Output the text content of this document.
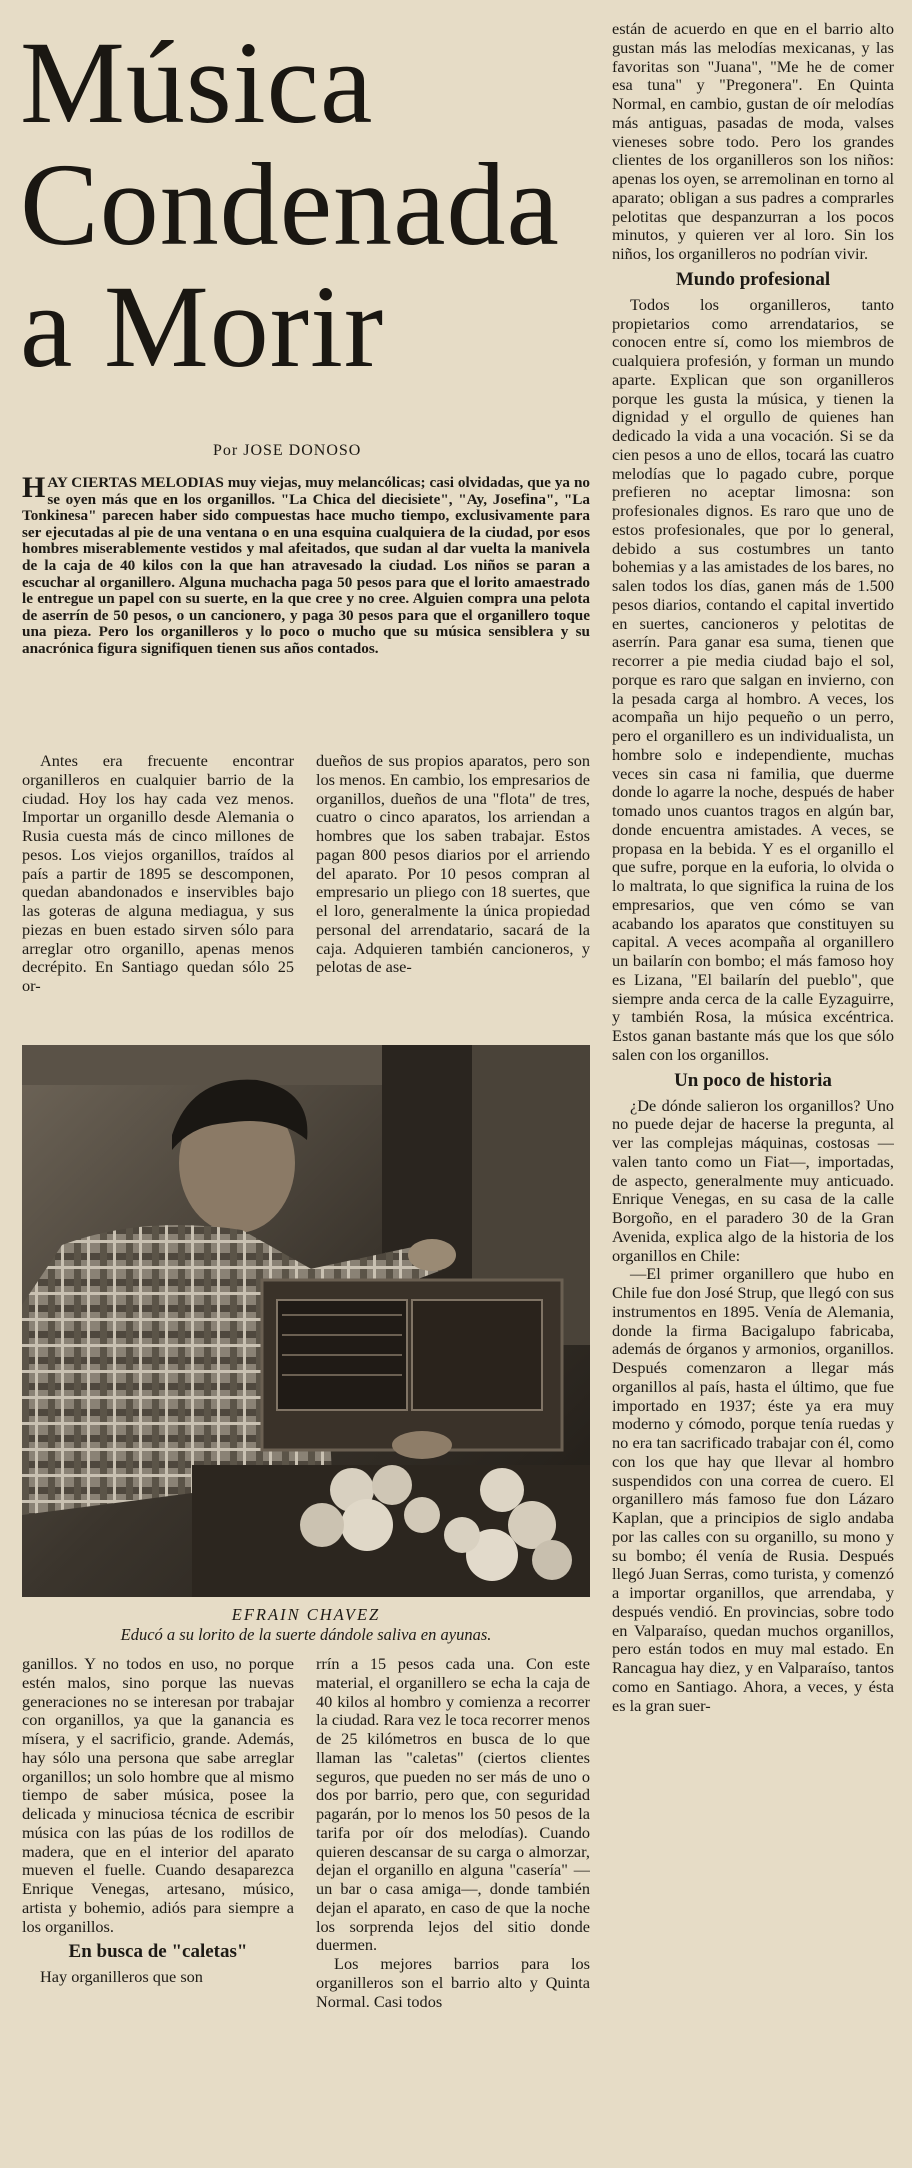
Música
Condenada
a Morir
Por JOSE DONOSO

HAY CIERTAS MELODIAS muy viejas, muy melancólicas; casi olvidadas, que ya no se oyen más que en los organillos. "La Chica del diecisiete", "Ay, Josefina", "La Tonkinesa" parecen haber sido compuestas hace mucho tiempo, exclusivamente para ser ejecutadas al pie de una ventana o en una esquina cualquiera de la ciudad, por esos hombres miserablemente vestidos y mal afeitados, que sudan al dar vuelta la manivela de la caja de 40 kilos con la que han atravesado la ciudad. Los niños se paran a escuchar al organillero. Alguna muchacha paga 50 pesos para que el lorito amaestrado le entregue un papel con su suerte, en la que cree y no cree. Alguien compra una pelota de aserrín de 50 pesos, o un cancionero, y paga 30 pesos para que el organillero toque una pieza. Pero los organilleros y lo poco o mucho que su música sensiblera y su anacrónica figura signifiquen tienen sus años contados.

Antes era frecuente encontrar organilleros en cualquier barrio de la ciudad. Hoy los hay cada vez menos. Importar un organillo desde Alemania o Rusia cuesta más de cinco millones de pesos. Los viejos organillos, traídos al país a partir de 1895 se descomponen, quedan abandonados e inservibles bajo las goteras de alguna mediagua, y sus piezas en buen estado sirven sólo para arreglar otro organillo, apenas menos decrépito. En Santiago quedan sólo 25 or-

dueños de sus propios aparatos, pero son los menos. En cambio, los empresarios de organillos, dueños de una "flota" de tres, cuatro o cinco aparatos, los arriendan a hombres que los saben trabajar. Estos pagan 800 pesos diarios por el arriendo del aparato. Por 10 pesos compran al empresario un pliego con 18 suertes, que el loro, generalmente la única propiedad personal del arrendatario, sacará de la caja. Adquieren también cancioneros, y pelotas de ase-

EFRAIN CHAVEZ
Educó a su lorito de la suerte dándole saliva en ayunas.

ganillos. Y no todos en uso, no porque estén malos, sino porque las nuevas generaciones no se interesan por trabajar con organillos, ya que la ganancia es mísera, y el sacrificio, grande. Además, hay sólo una persona que sabe arreglar organillos; un solo hombre que al mismo tiempo de saber música, posee la delicada y minuciosa técnica de escribir música con las púas de los rodillos de madera, que en el interior del aparato mueven el fuelle. Cuando desaparezca Enrique Venegas, artesano, músico, artista y bohemio, adiós para siempre a los organillos.

En busca de "caletas"

Hay organilleros que son

rrín a 15 pesos cada una. Con este material, el organillero se echa la caja de 40 kilos al hombro y comienza a recorrer la ciudad. Rara vez le toca recorrer menos de 25 kilómetros en busca de lo que llaman las "caletas" (ciertos clientes seguros, que pueden no ser más de uno o dos por barrio, pero que, con seguridad pagarán, por lo menos los 50 pesos de la tarifa por oír dos melodías). Cuando quieren descansar de su carga o almorzar, dejan el organillo en alguna "casería" —un bar o casa amiga—, donde también dejan el aparato, en caso de que la noche los sorprenda lejos del sitio donde duermen.

Los mejores barrios para los organilleros son el barrio alto y Quinta Normal. Casi todos

están de acuerdo en que en el barrio alto gustan más las melodías mexicanas, y las favoritas son "Juana", "Me he de comer esa tuna" y "Pregonera". En Quinta Normal, en cambio, gustan de oír melodías más antiguas, pasadas de moda, valses vieneses sobre todo. Pero los grandes clientes de los organilleros son los niños: apenas los oyen, se arremolinan en torno al aparato; obligan a sus padres a comprarles pelotitas que despanzurran a los pocos minutos, y quieren ver al loro. Sin los niños, los organilleros no podrían vivir.

Mundo profesional

Todos los organilleros, tanto propietarios como arrendatarios, se conocen entre sí, como los miembros de cualquiera profesión, y forman un mundo aparte. Explican que son organilleros porque les gusta la música, y tienen la dignidad y el orgullo de quienes han dedicado la vida a una vocación. Si se da cien pesos a uno de ellos, tocará las cuatro melodías que lo pagado cubre, porque prefieren no aceptar limosna: son profesionales dignos. Es raro que uno de estos profesionales, que por lo general, debido a sus costumbres un tanto bohemias y a las amistades de los bares, no salen todos los días, ganen más de 1.500 pesos diarios, contando el capital invertido en suertes, cancioneros y pelotitas de aserrín. Para ganar esa suma, tienen que recorrer a pie media ciudad bajo el sol, porque es raro que salgan en invierno, con la pesada carga al hombro. A veces, los acompaña un hijo pequeño o un perro, pero el organillero es un individualista, un hombre solo e independiente, muchas veces sin casa ni familia, que duerme donde lo agarre la noche, después de haber tomado unos cuantos tragos en algún bar, donde encuentra amistades. A veces, se propasa en la bebida. Y es el organillo el que sufre, porque en la euforia, lo olvida o lo maltrata, lo que significa la ruina de los empresarios, que ven cómo se van acabando los aparatos que constituyen su capital. A veces acompaña al organillero un bailarín con bombo; el más famoso hoy es Lizana, "El bailarín del pueblo", que siempre anda cerca de la calle Eyzaguirre, y también Rosa, la música excéntrica. Estos ganan bastante más que los que sólo salen con los organillos.

Un poco de historia

¿De dónde salieron los organillos? Uno no puede dejar de hacerse la pregunta, al ver las complejas máquinas, costosas —valen tanto como un Fiat—, importadas, de aspecto, generalmente muy anticuado. Enrique Venegas, en su casa de la calle Borgoño, en el paradero 30 de la Gran Avenida, explica algo de la historia de los organillos en Chile:

—El primer organillero que hubo en Chile fue don José Strup, que llegó con sus instrumentos en 1895. Venía de Alemania, donde la firma Bacigalupo fabricaba, además de órganos y armonios, organillos. Después comenzaron a llegar más organillos al país, hasta el último, que fue importado en 1937; éste ya era muy moderno y cómodo, porque tenía ruedas y no era tan sacrificado trabajar con él, como con los que hay que llevar al hombro suspendidos con una correa de cuero. El organillero más famoso fue don Lázaro Kaplan, que a principios de siglo andaba por las calles con su organillo, su mono y su bombo; él venía de Rusia. Después llegó Juan Serras, como turista, y comenzó a importar organillos, que arrendaba, y después vendió. En provincias, sobre todo en Valparaíso, quedan muchos organillos, pero están todos en muy mal estado. En Rancagua hay diez, y en Valparaíso, tantos como en Santiago. Ahora, a veces, y ésta es la gran suer-
